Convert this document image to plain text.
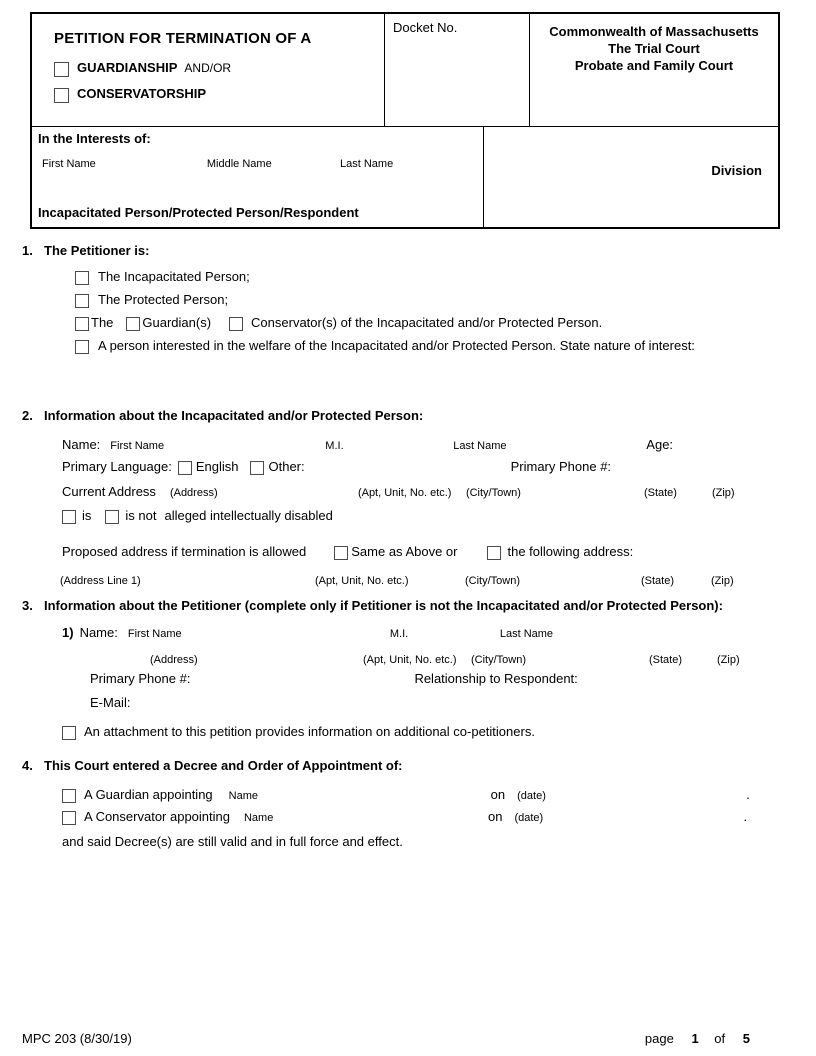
PETITION FOR TERMINATION OF A
GUARDIANSHIP AND/OR
CONSERVATORSHIP
Docket No.	Commonwealth of Massachusetts
The Trial Court
Probate and Family Court
In the Interests of:
First Name	Middle Name	Last Name
Incapacitated Person/Protected Person/Respondent
Division
1. The Petitioner is:
The Incapacitated Person;
The Protected Person;
The Guardian(s)	Conservator(s) of the Incapacitated and/or Protected Person.
A person interested in the welfare of the Incapacitated and/or Protected Person. State nature of interest:
2. Information about the Incapacitated and/or Protected Person:
Name: First Name	M.I.	Last Name	Age:
Primary Language: English Other:	Primary Phone #:
Current Address (Address)	(Apt, Unit, No. etc.)	(City/Town)	(State)	(Zip)
is	is not alleged intellectually disabled
Proposed address if termination is allowed	Same as Above or	the following address:
(Address Line 1)	(Apt, Unit, No. etc.)	(City/Town)	(State)	(Zip)
3. Information about the Petitioner (complete only if Petitioner is not the Incapacitated and/or Protected Person):
1) Name: First Name	M.I.	Last Name
(Address)	(Apt, Unit, No. etc.)	(City/Town)	(State)	(Zip)
Primary Phone #:	Relationship to Respondent:
E-Mail:
An attachment to this petition provides information on additional co-petitioners.
4. This Court entered a Decree and Order of Appointment of:
A Guardian appointing Name	on (date)	.
A Conservator appointing Name	on (date)	.
and said Decree(s) are still valid and in full force and effect.
MPC 203 (8/30/19)	page 1 of 5
